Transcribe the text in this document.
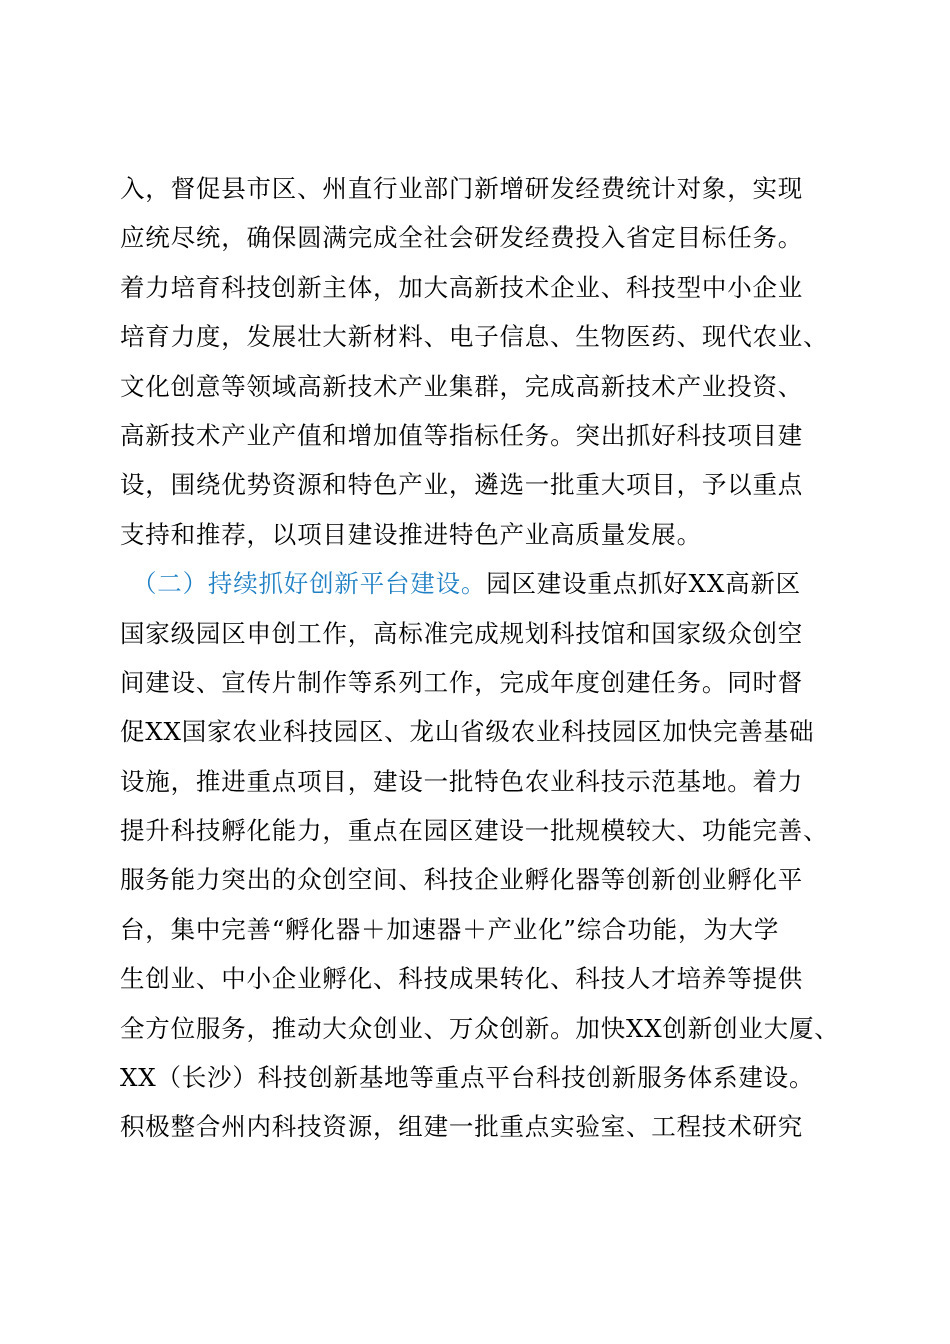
入，督促县市区、州直行业部门新增研发经费统计对象，实现
应统尽统，确保圆满完成全社会研发经费投入省定目标任务。
着力培育科技创新主体，加大高新技术企业、科技型中小企业
培育力度，发展壮大新材料、电子信息、生物医药、现代农业、
文化创意等领域高新技术产业集群，完成高新技术产业投资、
高新技术产业产值和增加值等指标任务。突出抓好科技项目建
设，围绕优势资源和特色产业，遴选一批重大项目，予以重点
支持和推荐，以项目建设推进特色产业高质量发展。
（二）持续抓好创新平台建设。园区建设重点抓好XX高新区
国家级园区申创工作，高标准完成规划科技馆和国家级众创空
间建设、宣传片制作等系列工作，完成年度创建任务。同时督
促XX国家农业科技园区、龙山省级农业科技园区加快完善基础
设施，推进重点项目，建设一批特色农业科技示范基地。着力
提升科技孵化能力，重点在园区建设一批规模较大、功能完善、
服务能力突出的众创空间、科技企业孵化器等创新创业孵化平
台，集中完善“孵化器＋加速器＋产业化”综合功能，为大学
生创业、中小企业孵化、科技成果转化、科技人才培养等提供
全方位服务，推动大众创业、万众创新。加快XX创新创业大厦、
XX（长沙）科技创新基地等重点平台科技创新服务体系建设。
积极整合州内科技资源，组建一批重点实验室、工程技术研究
